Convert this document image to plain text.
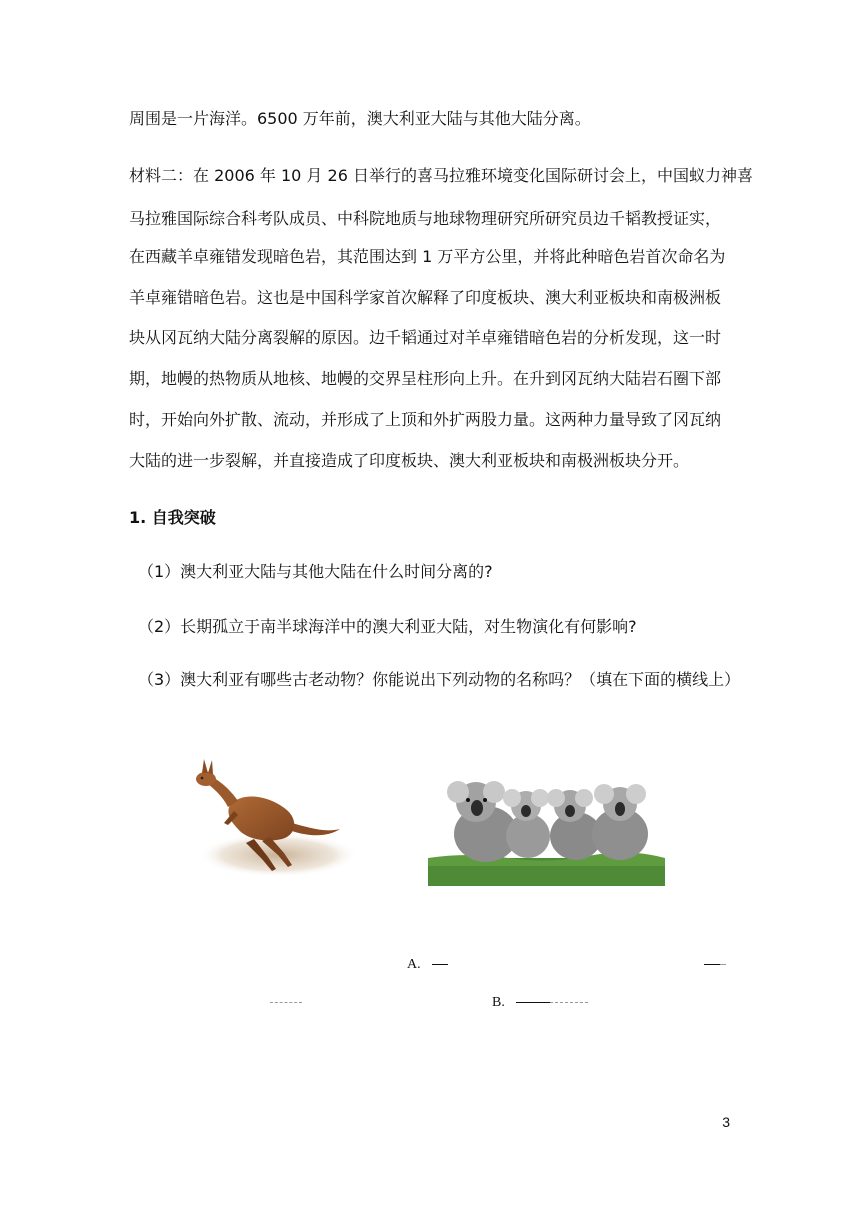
周围是一片海洋。6500 万年前，澳大利亚大陆与其他大陆分离。
材料二：在 2006 年 10 月 26 日举行的喜马拉雅环境变化国际研讨会上，中国蚁力神喜
马拉雅国际综合科考队成员、中科院地质与地球物理研究所研究员边千韬教授证实，
在西藏羊卓雍错发现暗色岩，其范围达到 1 万平方公里，并将此种暗色岩首次命名为
羊卓雍错暗色岩。这也是中国科学家首次解释了印度板块、澳大利亚板块和南极洲板
块从冈瓦纳大陆分离裂解的原因。边千韬通过对羊卓雍错暗色岩的分析发现，这一时
期，地幔的热物质从地核、地幔的交界呈柱形向上升。在升到冈瓦纳大陆岩石圈下部
时，开始向外扩散、流动，并形成了上顶和外扩两股力量。这两种力量导致了冈瓦纳
大陆的进一步裂解，并直接造成了印度板块、澳大利亚板块和南极洲板块分开。
1. 自我突破
（1）澳大利亚大陆与其他大陆在什么时间分离的?
（2）长期孤立于南半球海洋中的澳大利亚大陆，对生物演化有何影响?
（3）澳大利亚有哪些古老动物？你能说出下列动物的名称吗？（填在下面的横线上）
A.
B.
3
